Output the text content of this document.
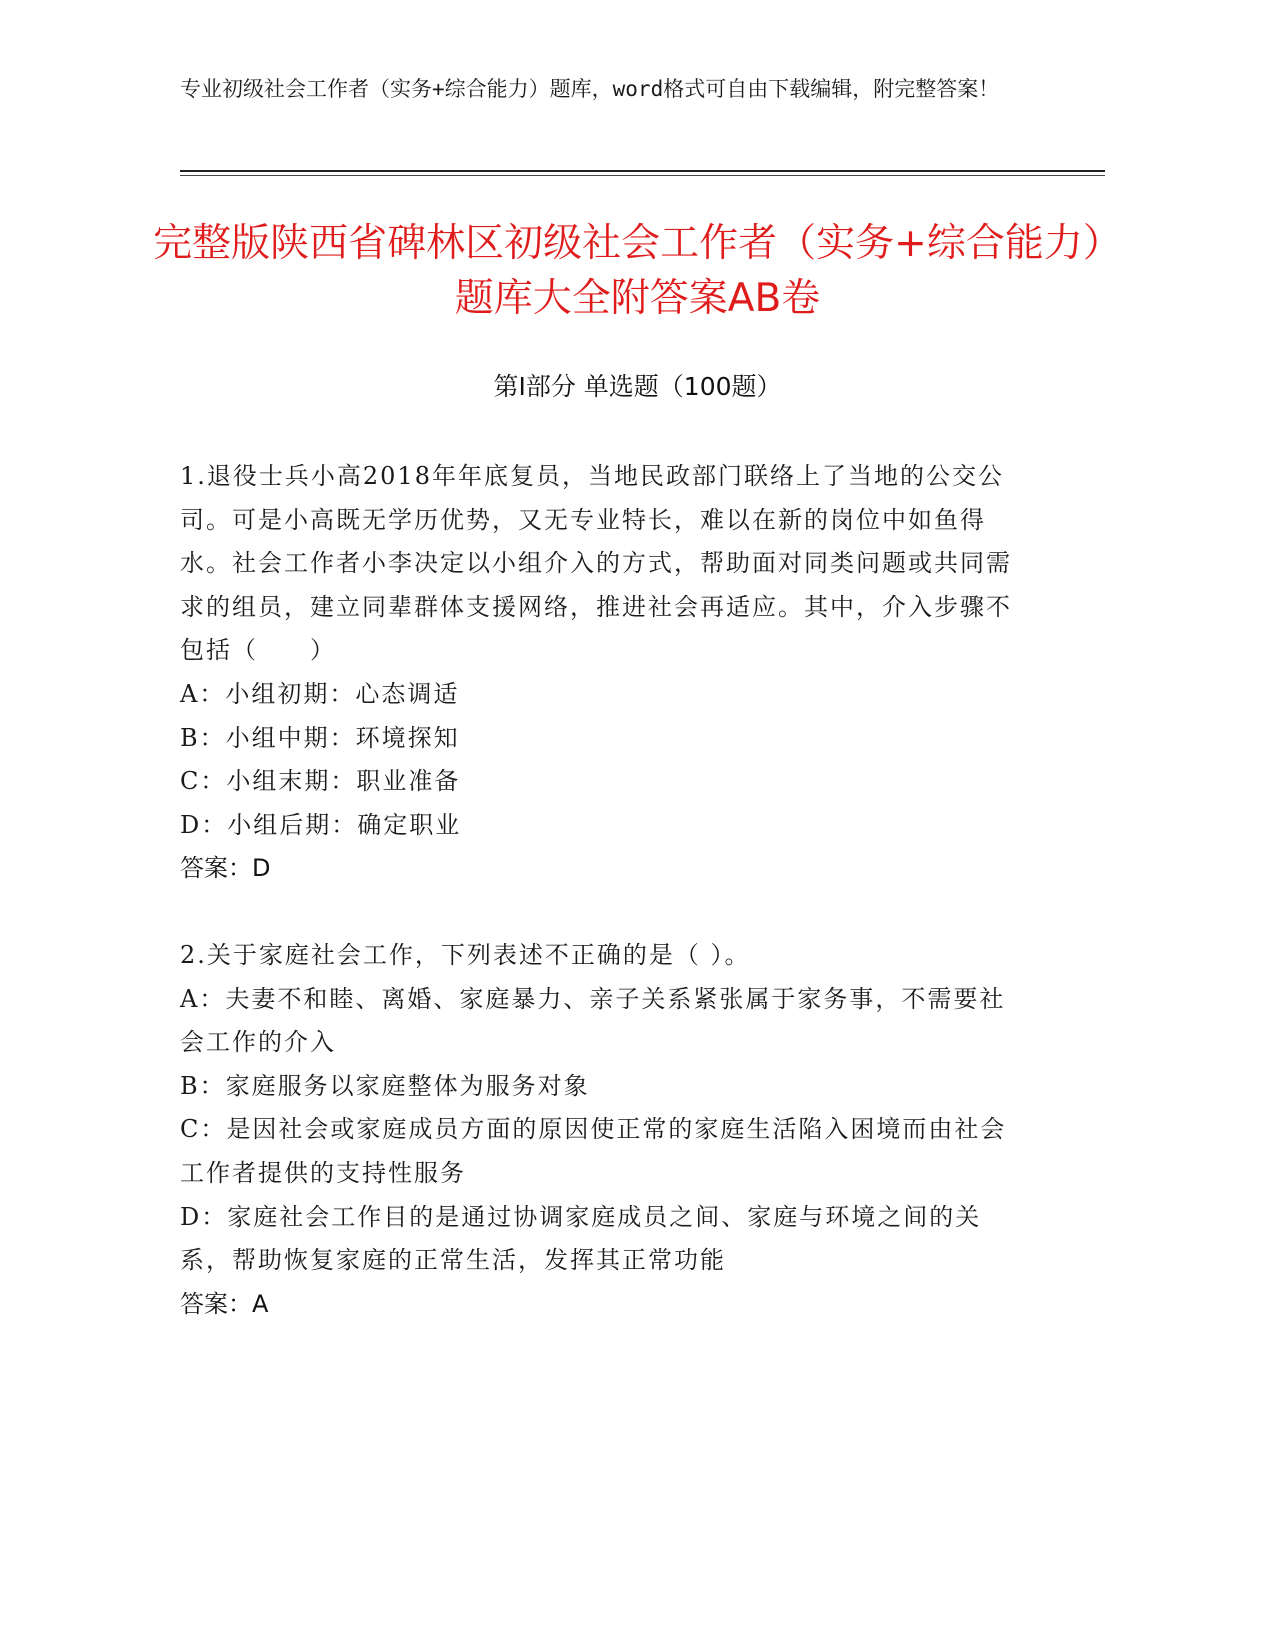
专业初级社会工作者（实务+综合能力）题库，word格式可自由下载编辑，附完整答案！
完整版陕西省碑林区初级社会工作者（实务+综合能力）题库大全附答案AB卷
第I部分 单选题（100题）

1.退役士兵小高2018年年底复员，当地民政部门联络上了当地的公交公司。可是小高既无学历优势，又无专业特长，难以在新的岗位中如鱼得水。社会工作者小李决定以小组介入的方式，帮助面对同类问题或共同需求的组员，建立同辈群体支援网络，推进社会再适应。其中，介入步骤不包括（　　）

A：小组初期：心态调适

B：小组中期：环境探知

C：小组末期：职业准备

D：小组后期：确定职业

答案：D

2.关于家庭社会工作，下列表述不正确的是（ ）。

A：夫妻不和睦、离婚、家庭暴力、亲子关系紧张属于家务事，不需要社会工作的介入

B：家庭服务以家庭整体为服务对象

C：是因社会或家庭成员方面的原因使正常的家庭生活陷入困境而由社会工作者提供的支持性服务

D：家庭社会工作目的是通过协调家庭成员之间、家庭与环境之间的关系，帮助恢复家庭的正常生活，发挥其正常功能

答案：A
